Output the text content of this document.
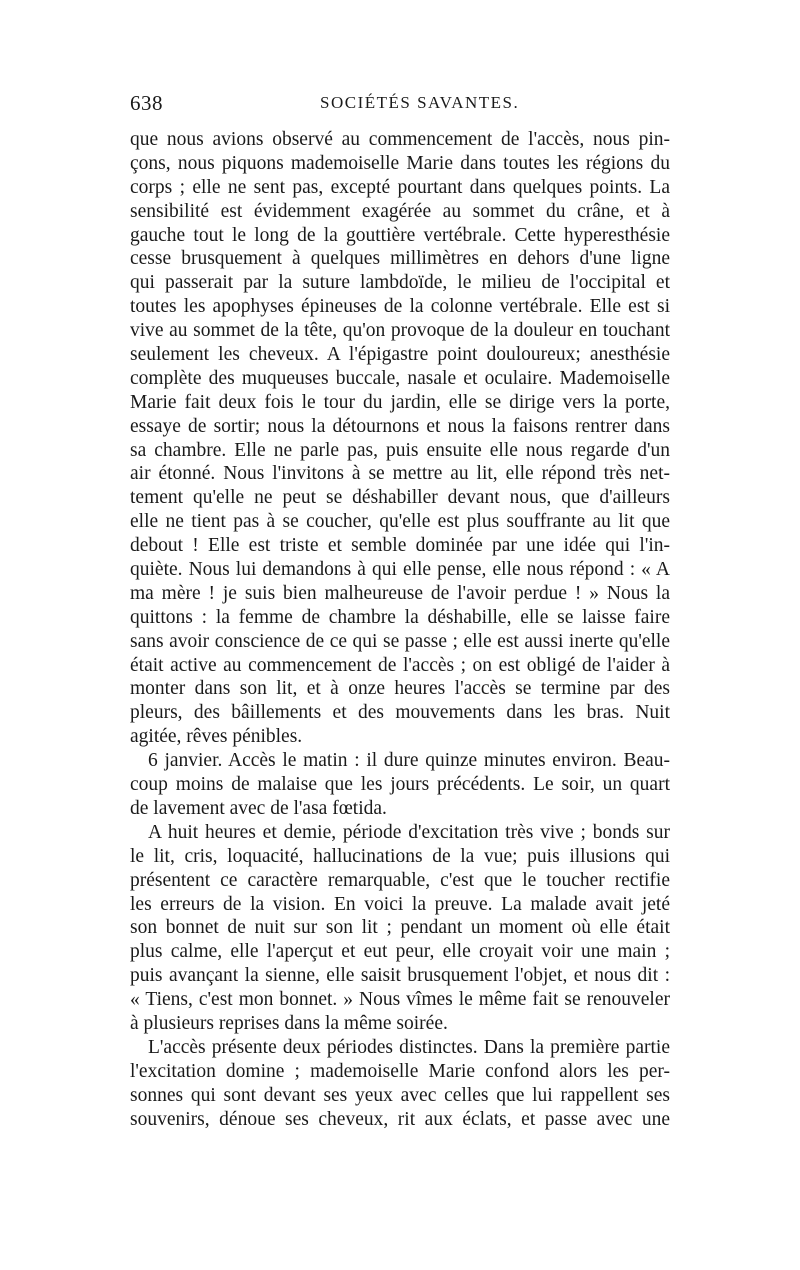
638	SOCIÉTÉS SAVANTES.
que nous avions observé au commencement de l'accès, nous pin-
çons, nous piquons mademoiselle Marie dans toutes les régions du
corps ; elle ne sent pas, excepté pourtant dans quelques points. La
sensibilité est évidemment exagérée au sommet du crâne, et à
gauche tout le long de la gouttière vertébrale. Cette hyperesthésie
cesse brusquement à quelques millimètres en dehors d'une ligne
qui passerait par la suture lambdoïde, le milieu de l'occipital et
toutes les apophyses épineuses de la colonne vertébrale. Elle est si
vive au sommet de la tête, qu'on provoque de la douleur en touchant
seulement les cheveux. A l'épigastre point douloureux; anesthésie
complète des muqueuses buccale, nasale et oculaire. Mademoiselle
Marie fait deux fois le tour du jardin, elle se dirige vers la porte,
essaye de sortir; nous la détournons et nous la faisons rentrer dans
sa chambre. Elle ne parle pas, puis ensuite elle nous regarde d'un
air étonné. Nous l'invitons à se mettre au lit, elle répond très net-
tement qu'elle ne peut se déshabiller devant nous, que d'ailleurs
elle ne tient pas à se coucher, qu'elle est plus souffrante au lit que
debout ! Elle est triste et semble dominée par une idée qui l'in-
quiète. Nous lui demandons à qui elle pense, elle nous répond : « A
ma mère ! je suis bien malheureuse de l'avoir perdue ! » Nous la
quittons : la femme de chambre la déshabille, elle se laisse faire
sans avoir conscience de ce qui se passe ; elle est aussi inerte qu'elle
était active au commencement de l'accès ; on est obligé de l'aider à
monter dans son lit, et à onze heures l'accès se termine par des
pleurs, des bâillements et des mouvements dans les bras. Nuit
agitée, rêves pénibles.
6 janvier. Accès le matin : il dure quinze minutes environ. Beau-
coup moins de malaise que les jours précédents. Le soir, un quart
de lavement avec de l'asa fœtida.
A huit heures et demie, période d'excitation très vive ; bonds sur
le lit, cris, loquacité, hallucinations de la vue; puis illusions qui
présentent ce caractère remarquable, c'est que le toucher rectifie
les erreurs de la vision. En voici la preuve. La malade avait jeté
son bonnet de nuit sur son lit ; pendant un moment où elle était
plus calme, elle l'aperçut et eut peur, elle croyait voir une main ;
puis avançant la sienne, elle saisit brusquement l'objet, et nous dit :
« Tiens, c'est mon bonnet. » Nous vîmes le même fait se renouveler
à plusieurs reprises dans la même soirée.
L'accès présente deux périodes distinctes. Dans la première partie
l'excitation domine ; mademoiselle Marie confond alors les per-
sonnes qui sont devant ses yeux avec celles que lui rappellent ses
souvenirs, dénoue ses cheveux, rit aux éclats, et passe avec une
